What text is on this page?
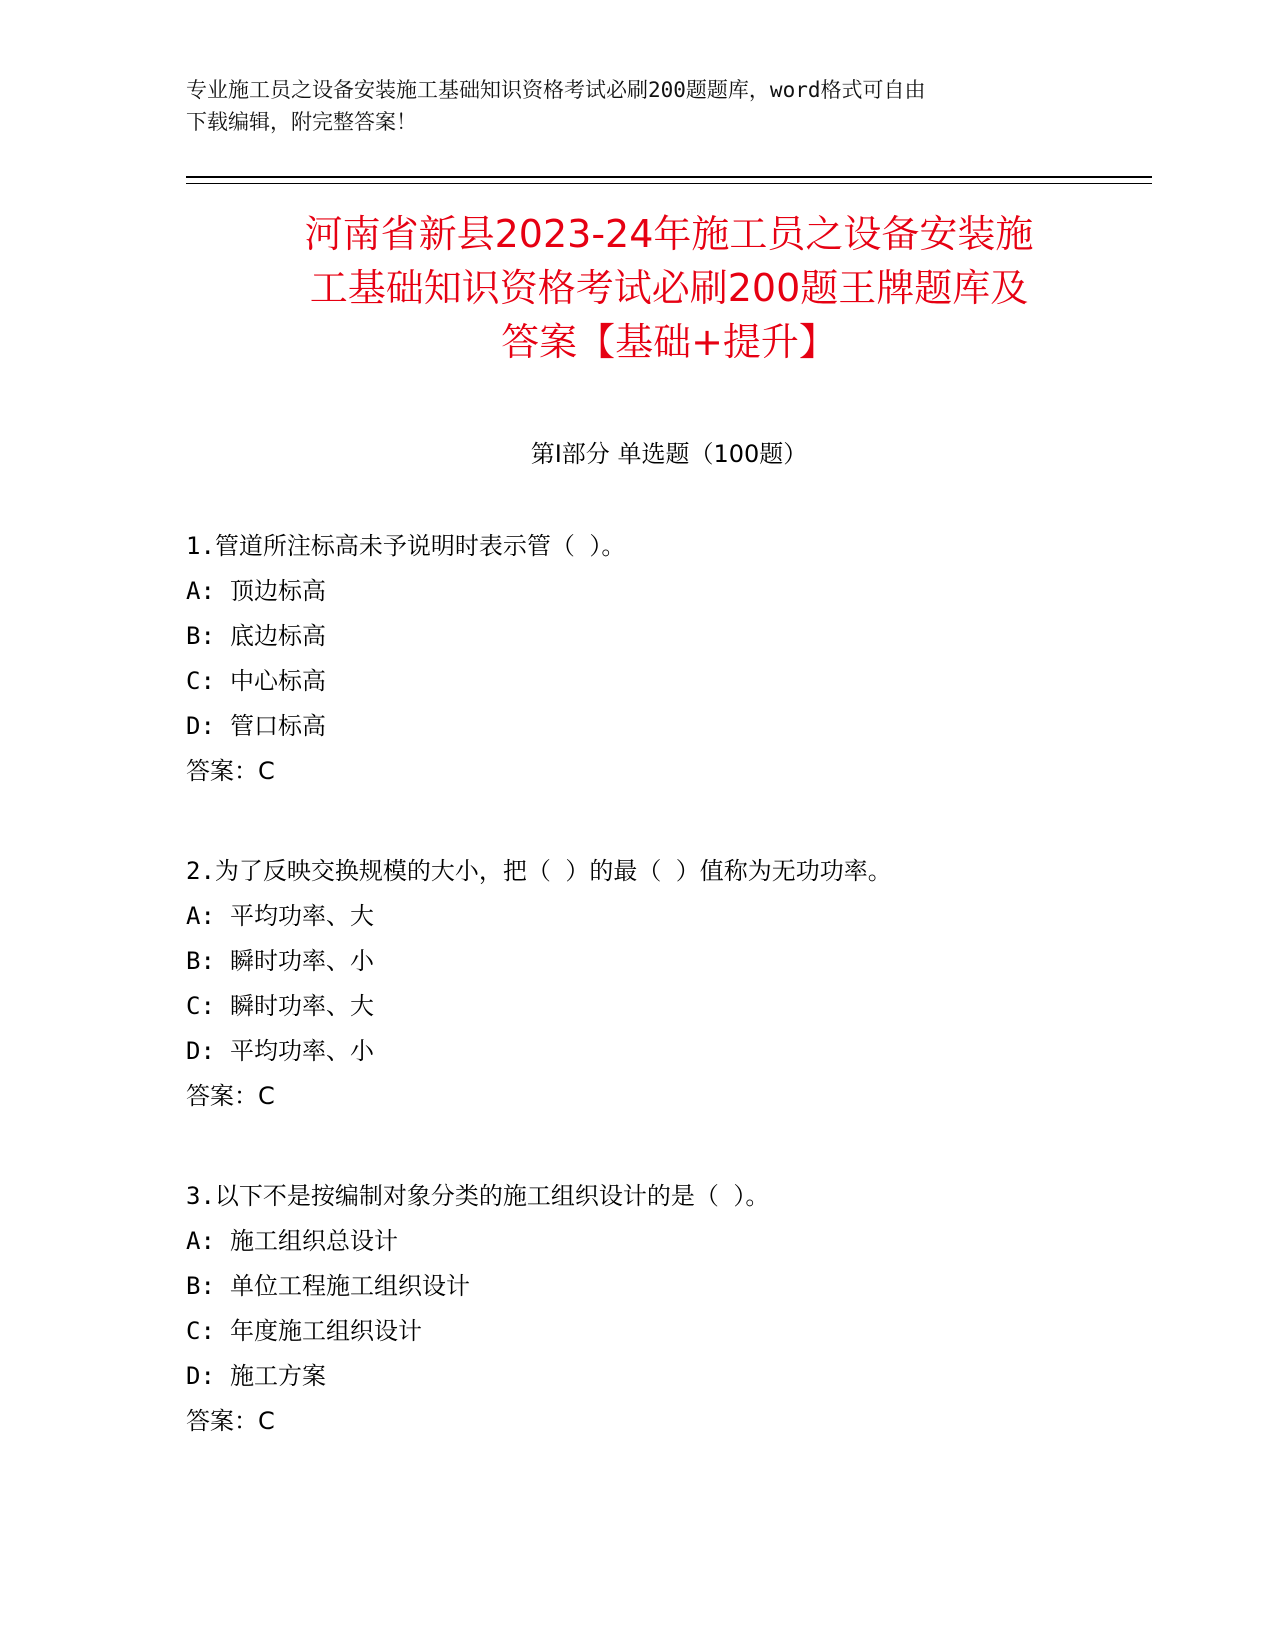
专业施工员之设备安装施工基础知识资格考试必刷200题题库，word格式可自由
下载编辑，附完整答案！
河南省新县2023-24年施工员之设备安装施
工基础知识资格考试必刷200题王牌题库及
答案【基础+提升】
第Ⅰ部分 单选题（100题）
1.管道所注标高未予说明时表示管（ ）。
A: 顶边标高
B: 底边标高
C: 中心标高
D: 管口标高
答案：C
2.为了反映交换规模的大小，把（ ）的最（ ）值称为无功功率。
A: 平均功率、大
B: 瞬时功率、小
C: 瞬时功率、大
D: 平均功率、小
答案：C
3.以下不是按编制对象分类的施工组织设计的是（ ）。
A: 施工组织总设计
B: 单位工程施工组织设计
C: 年度施工组织设计
D: 施工方案
答案：C
